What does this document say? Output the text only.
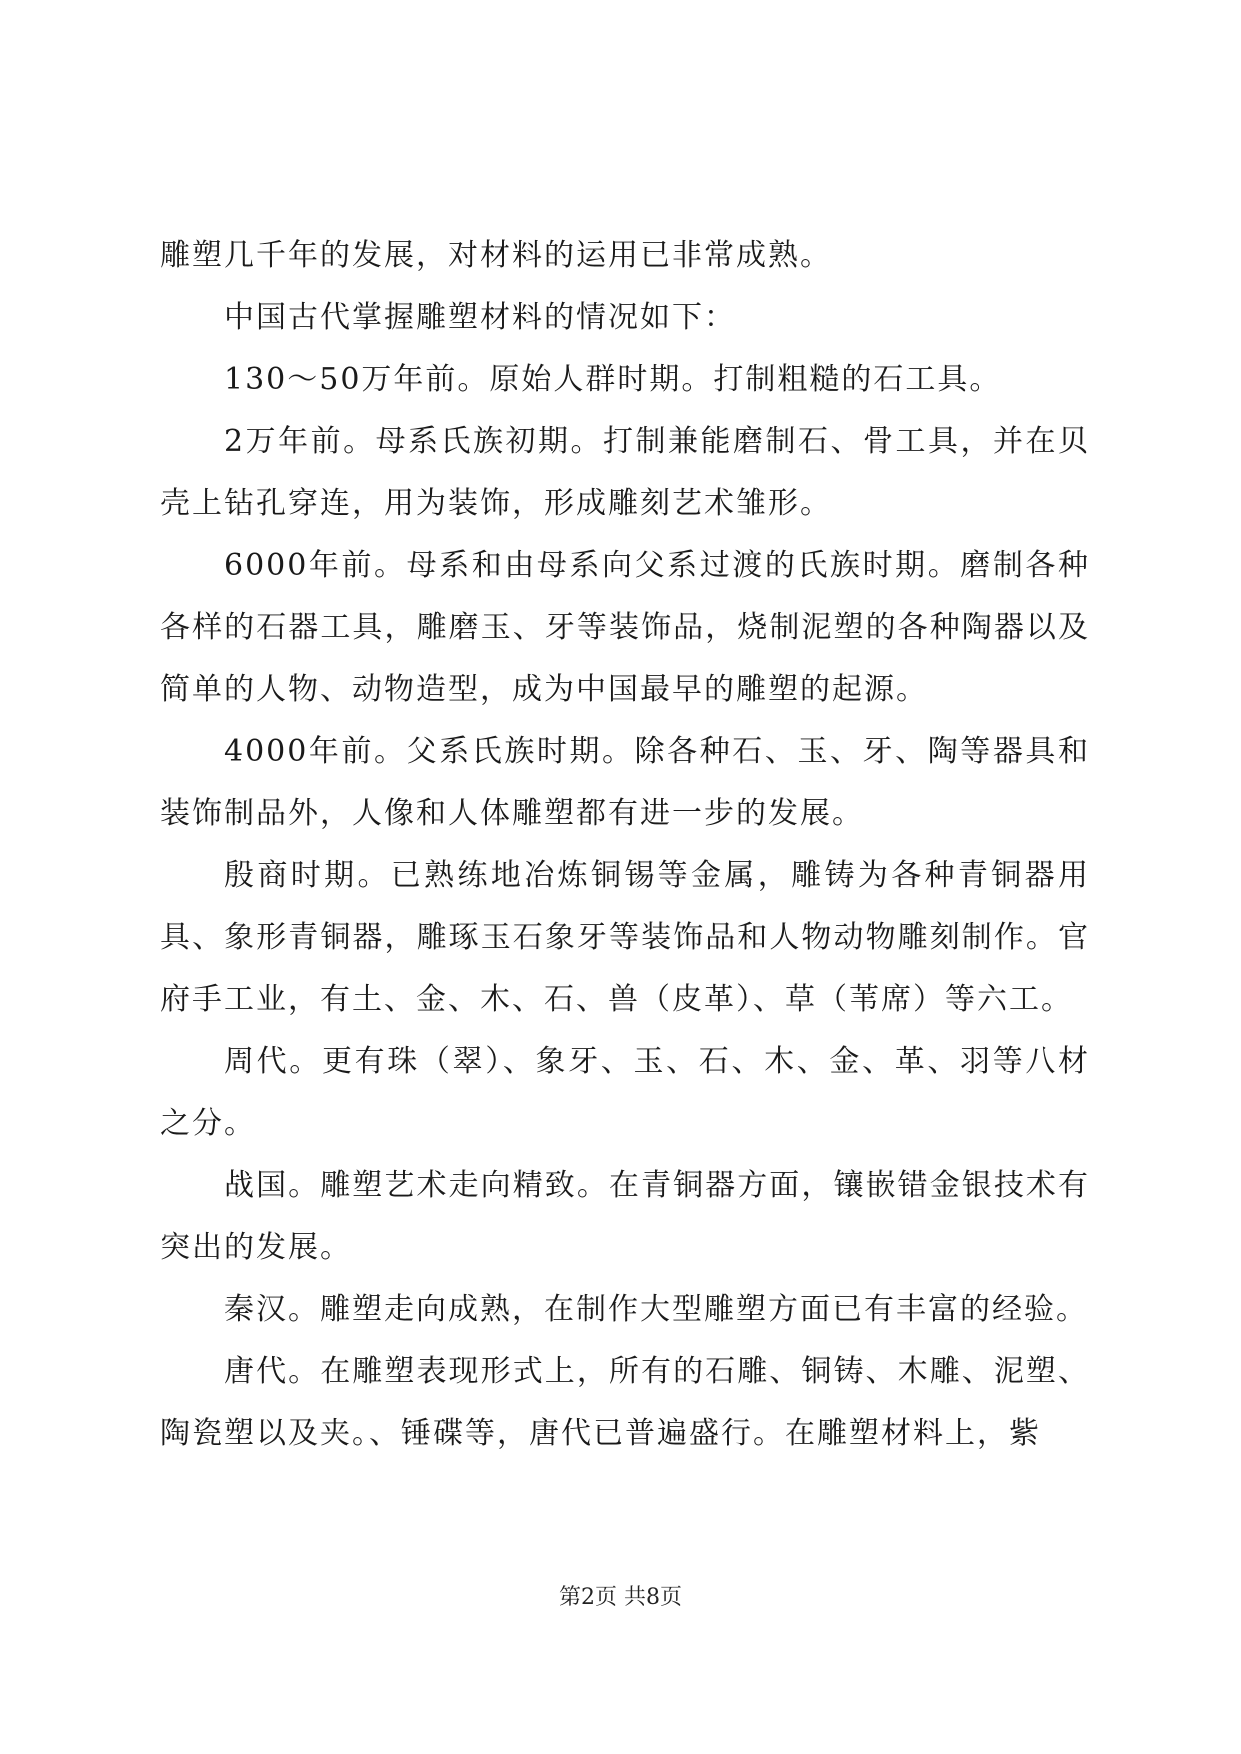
雕塑几千年的发展，对材料的运用已非常成熟。

中国古代掌握雕塑材料的情况如下：

130～50万年前。原始人群时期。打制粗糙的石工具。

2万年前。母系氏族初期。打制兼能磨制石、骨工具，并在贝壳上钻孔穿连，用为装饰，形成雕刻艺术雏形。

6000年前。母系和由母系向父系过渡的氏族时期。磨制各种各样的石器工具，雕磨玉、牙等装饰品，烧制泥塑的各种陶器以及简单的人物、动物造型，成为中国最早的雕塑的起源。

4000年前。父系氏族时期。除各种石、玉、牙、陶等器具和装饰制品外，人像和人体雕塑都有进一步的发展。

殷商时期。已熟练地冶炼铜锡等金属，雕铸为各种青铜器用具、象形青铜器，雕琢玉石象牙等装饰品和人物动物雕刻制作。官府手工业，有土、金、木、石、兽（皮革）、草（苇席）等六工。

周代。更有珠（翠）、象牙、玉、石、木、金、革、羽等八材之分。

战国。雕塑艺术走向精致。在青铜器方面，镶嵌错金银技术有突出的发展。

秦汉。雕塑走向成熟，在制作大型雕塑方面已有丰富的经验。

唐代。在雕塑表现形式上，所有的石雕、铜铸、木雕、泥塑、陶瓷塑以及夹。、锤碟等，唐代已普遍盛行。在雕塑材料上，紫

第2页 共8页
